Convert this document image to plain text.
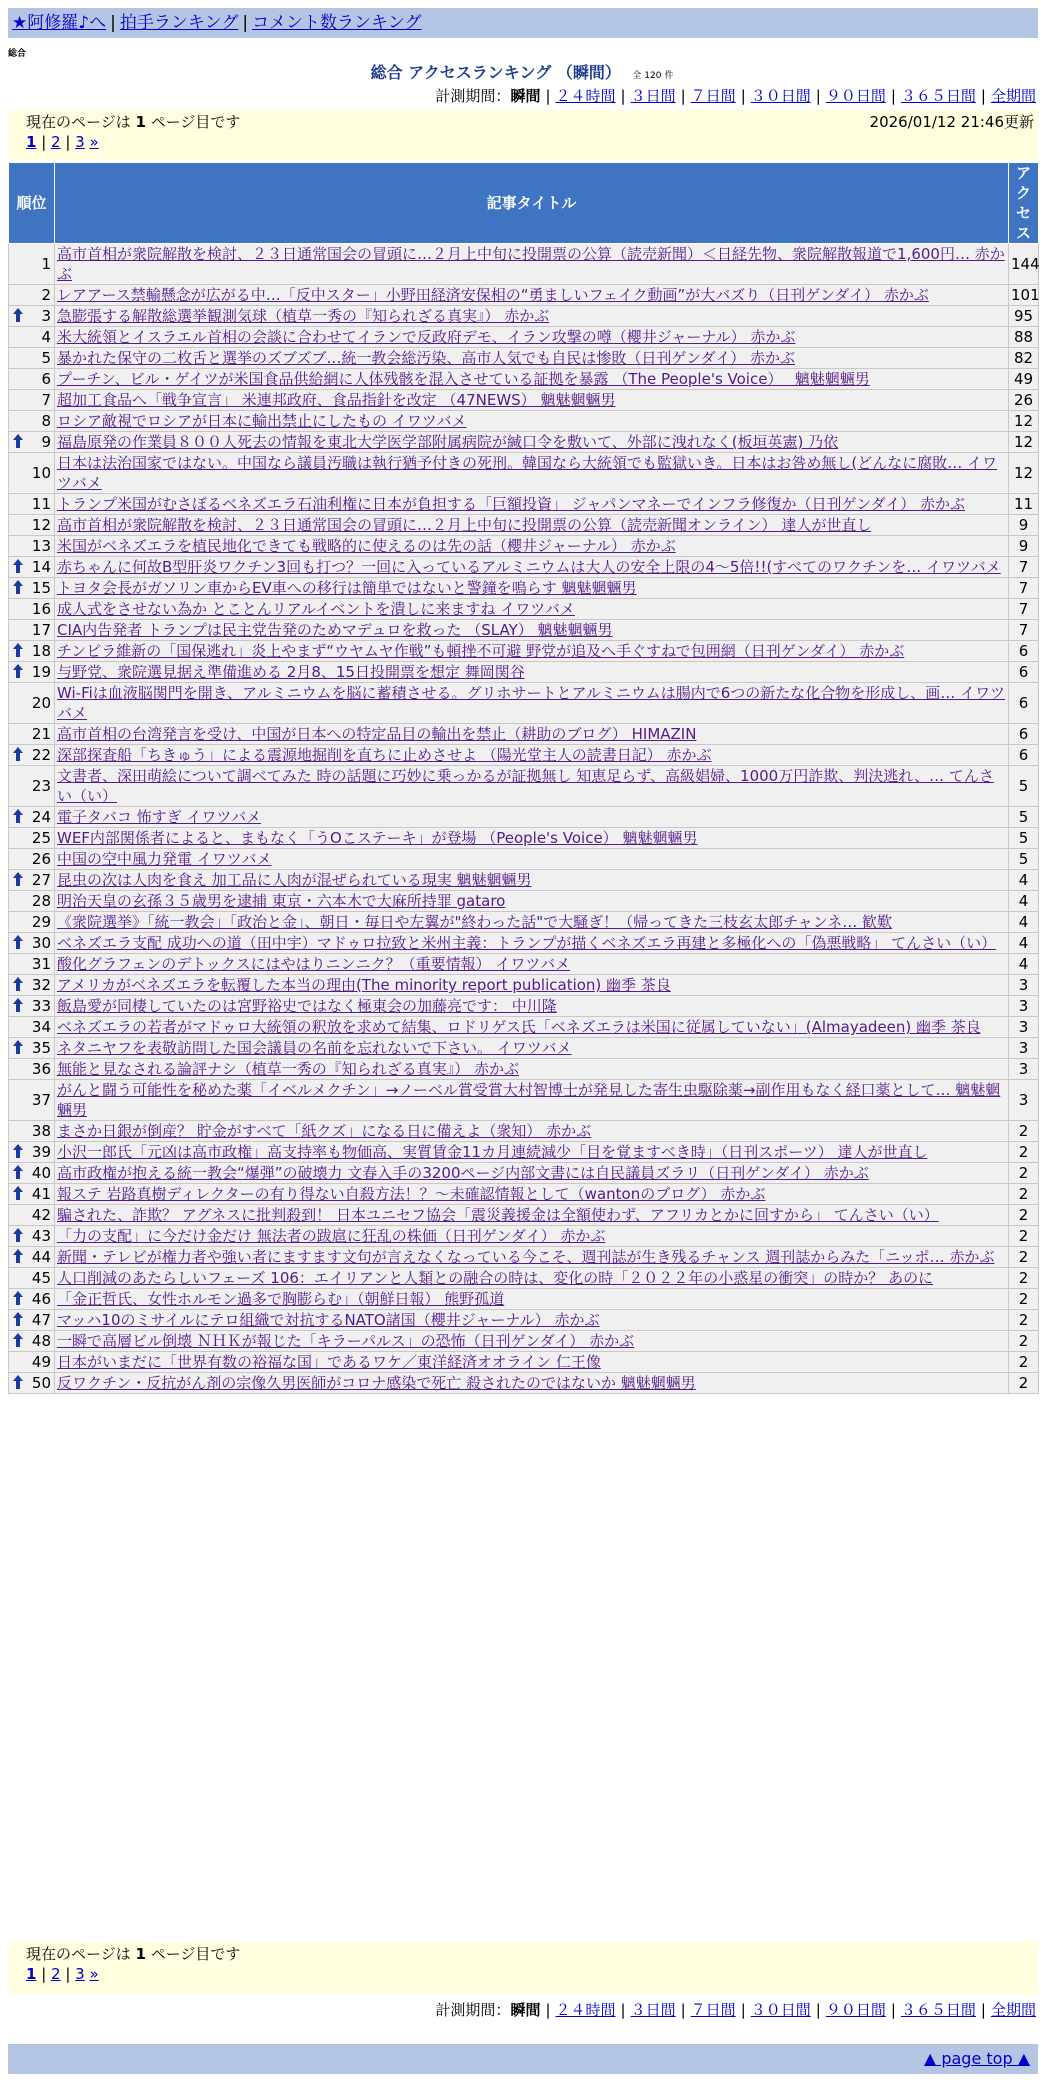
★阿修羅♪へ | 拍手ランキング | コメント数ランキング
総合
総合 アクセスランキング （瞬間） 全 120 件
計測期間：瞬間 | ２４時間 | ３日間 | ７日間 | ３０日間 | ９０日間 | ３６５日間 | 全期間
現在のページは 1 ページ目です	2026/01/12 21:46更新
1 | 2 | 3 »
順位	記事タイトル	アクセス
1	高市首相が衆院解散を検討、２３日通常国会の冒頭に…２月上中旬に投開票の公算（読売新聞）＜日経先物、衆院解散報道で1,600円… 赤かぶ	144
2	レアアース禁輸懸念が広がる中…「反中スター」小野田経済安保相の“勇ましいフェイク動画”が大バズり（日刊ゲンダイ） 赤かぶ	101

3	急膨張する解散総選挙観測気球（植草一秀の『知られざる真実』） 赤かぶ	95
4	米大統領とイスラエル首相の会談に合わせてイランで反政府デモ、イラン攻撃の噂（櫻井ジャーナル） 赤かぶ	88
5	暴かれた保守の二枚舌と選挙のズブズブ…統一教会総汚染、高市人気でも自民は惨敗（日刊ゲンダイ） 赤かぶ	82
6	プーチン、ビル・ゲイツが米国食品供給網に人体残骸を混入させている証拠を暴露 （The People's Voice）　 魑魅魍魎男	49
7	超加工食品へ「戦争宣言」 米連邦政府、食品指針を改定 （47NEWS） 魑魅魍魎男	26
8	ロシア敵視でロシアが日本に輸出禁止にしたもの イワツバメ	12

9	福島原発の作業員８００人死去の情報を東北大学医学部附属病院が緘口令を敷いて、外部に洩れなく(板垣英憲) 乃依	12
10	日本は法治国家ではない。中国なら議員汚職は執行猶予付きの死刑。韓国なら大統領でも監獄いき。日本はお咎め無し(どんなに腐敗… イワツバメ	12
11	トランプ米国がむさぼるベネズエラ石油利権に日本が負担する「巨額投資」 ジャパンマネーでインフラ修復か（日刊ゲンダイ） 赤かぶ	11
12	高市首相が衆院解散を検討、２３日通常国会の冒頭に…２月上中旬に投開票の公算（読売新聞オンライン） 達人が世直し	9
13	米国がベネズエラを植民地化できても戦略的に使えるのは先の話（櫻井ジャーナル） 赤かぶ	9

14	赤ちゃんに何故B型肝炎ワクチン3回も打つ？一回に入っているアルミニウムは大人の安全上限の4～5倍!!(すべてのワクチンを… イワツバメ	7

15	トヨタ会長がガソリン車からEV車への移行は簡単ではないと警鐘を鳴らす 魑魅魍魎男	7
16	成人式をさせない為か とことんリアルイベントを潰しに来ますね イワツバメ	7
17	CIA内告発者 トランプは民主党告発のためマデュロを救った （SLAY） 魑魅魍魎男	7

18	チンピラ維新の「国保逃れ」炎上やまず“ウヤムヤ作戦”も頓挫不可避 野党が追及へ手ぐすねで包囲網（日刊ゲンダイ） 赤かぶ	6

19	与野党、衆院選見据え準備進める 2月8、15日投開票を想定 舞岡関谷	6
20	Wi-Fiは血液脳関門を開き、アルミニウムを脳に蓄積させる。グリホサートとアルミニウムは腸内で6つの新たな化合物を形成し、画… イワツバメ	6
21	高市首相の台湾発言を受け、中国が日本への特定品目の輸出を禁止（耕助のブログ） HIMAZIN	6

22	深部探査船「ちきゅう」による震源地掘削を直ちに止めさせよ （陽光堂主人の読書日記） 赤かぶ	6
23	文書者、深田萌絵について調べてみた 時の話題に巧妙に乗っかるが証拠無し 知恵足らず、高級娼婦、1000万円詐欺、判決逃れ、… てんさい（い）	5

24	電子タバコ 怖すぎ イワツバメ	5
25	WEF内部関係者によると、まもなく「うOこステーキ」が登場 （People's Voice） 魑魅魍魎男	5
26	中国の空中風力発電 イワツバメ	5

27	昆虫の次は人肉を食え 加工品に人肉が混ぜられている現実 魑魅魍魎男	4
28	明治天皇の玄孫３５歳男を逮捕 東京・六本木で大麻所持罪 gataro	4
29	《衆院選挙》「統一教会」「政治と金」、朝日・毎日や左翼が"終わった話"で大騒ぎ！（帰ってきた三枝玄太郎チャンネ… 歓歎	4

30	ベネズエラ支配 成功への道（田中宇）マドゥロ拉致と米州主義：トランプが描くベネズエラ再建と多極化への「偽悪戦略」 てんさい（い）	4
31	酸化グラフェンのデトックスにはやはりニンニク？（重要情報） イワツバメ	4

32	アメリカがベネズエラを転覆した本当の理由(The minority report publication) 幽季 茶良	3

33	飯島愛が同棲していたのは宮野裕史ではなく極東会の加藤亮です： 中川隆	3
34	ベネズエラの若者がマドゥロ大統領の釈放を求めて結集、ロドリゲス氏「ベネズエラは米国に従属していない」(Almayadeen) 幽季 茶良	3

35	ネタニヤフを表敬訪問した国会議員の名前を忘れないで下さい。 イワツバメ	3
36	無能と見なされる論評ナシ（植草一秀の『知られざる真実』） 赤かぶ	3
37	がんと闘う可能性を秘めた薬「イベルメクチン」→ノーベル賞受賞大村智博士が発見した寄生虫駆除薬→副作用もなく経口薬として… 魑魅魍魎男	3
38	まさか日銀が倒産？ 貯金がすべて「紙クズ」になる日に備えよ（衆知） 赤かぶ	2

39	小沢一郎氏「元凶は高市政権」高支持率も物価高、実質賃金11カ月連続減少「目を覚ますべき時」（日刊スポーツ） 達人が世直し	2

40	高市政権が抱える統一教会“爆弾”の破壊力 文春入手の3200ページ内部文書には自民議員ズラリ（日刊ゲンダイ） 赤かぶ	2

41	報ステ 岩路真樹ディレクターの有り得ない自殺方法！？～未確認情報として（wantonのブログ） 赤かぶ	2
42	騙された、詐欺？ アグネスに批判殺到！ 日本ユニセフ協会「震災義援金は全額使わず、アフリカとかに回すから」 てんさい（い）	2

43	「力の支配」に今だけ金だけ 無法者の跋扈に狂乱の株価（日刊ゲンダイ） 赤かぶ	2

44	新聞・テレビが権力者や強い者にますます文句が言えなくなっている今こそ、週刊誌が生き残るチャンス 週刊誌からみた「ニッポ… 赤かぶ	2
45	人口削減のあたらしいフェーズ 106：エイリアンと人類との融合の時は、変化の時「２０２２年の小惑星の衝突」の時か？ あのに	2

46	「金正哲氏、女性ホルモン過多で胸膨らむ」（朝鮮日報） 熊野孤道	2

47	マッハ10のミサイルにテロ組織で対抗するNATO諸国（櫻井ジャーナル） 赤かぶ	2

48	一瞬で高層ビル倒壊 ＮＨＫが報じた「キラーパルス」の恐怖（日刊ゲンダイ） 赤かぶ	2
49	日本がいまだに「世界有数の裕福な国」であるワケ／東洋経済オオライン 仁王像	2

50	反ワクチン・反抗がん剤の宗像久男医師がコロナ感染で死亡 殺されたのではないか 魑魅魍魎男	2
現在のページは 1 ページ目です
1 | 2 | 3 »
計測期間：瞬間 | ２４時間 | ３日間 | ７日間 | ３０日間 | ９０日間 | ３６５日間 | 全期間
▲ page top ▲
